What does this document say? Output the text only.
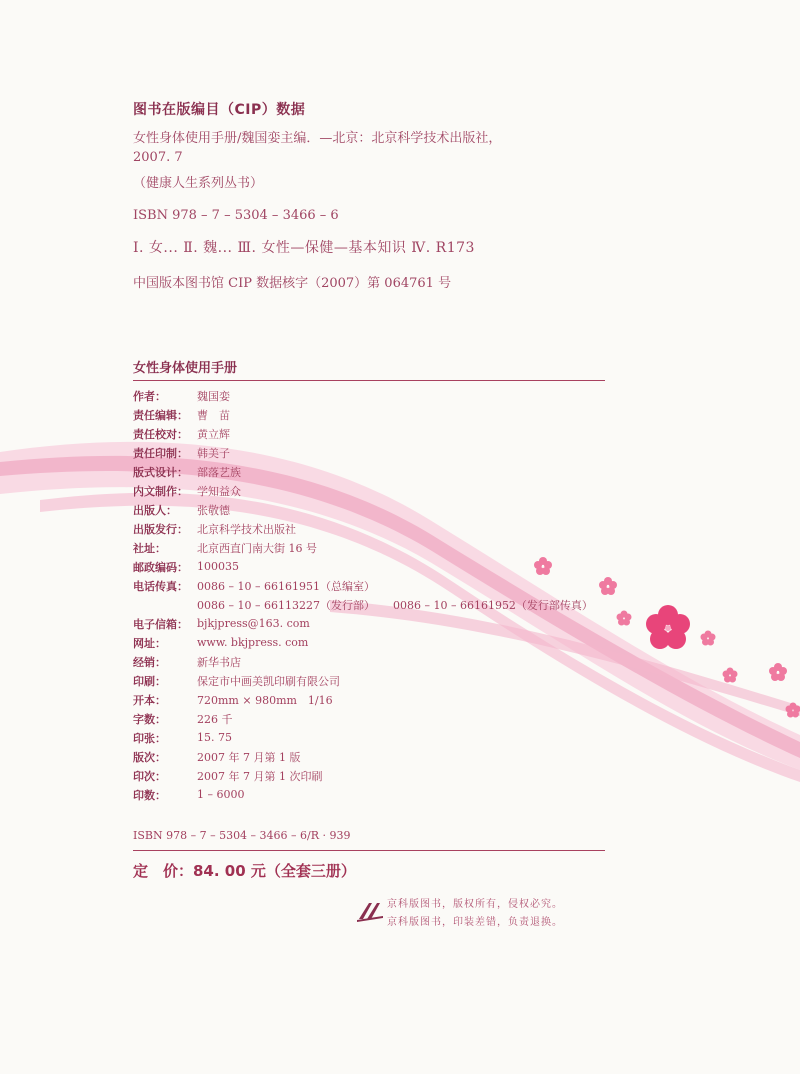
图书在版编目（CIP）数据
女性身体使用手册/魏国娈主编．—北京：北京科学技术出版社，
2007. 7
（健康人生系列丛书）
ISBN 978 – 7 – 5304 – 3466 – 6
Ⅰ. 女... Ⅱ. 魏... Ⅲ. 女性—保健—基本知识 Ⅳ. R173
中国版本图书馆 CIP 数据核字（2007）第 064761 号
女性身体使用手册
作者：	魏国娈
责任编辑： 曹　苗
责任校对： 黄立辉
责任印制： 韩美子
版式设计： 部落艺族
内文制作： 学知益众
出版人：	张敬德
出版发行： 北京科学技术出版社
社址：	北京西直门南大街 16 号
邮政编码： 100035
电话传真： 0086 – 10 – 66161951（总编室）
0086 – 10 – 66113227（发行部） 0086 – 10 – 66161952（发行部传真）
电子信箱： bjkjpress@163. com
网址：	www. bkjpress. com
经销：	新华书店
印刷：	保定市中画美凯印刷有限公司
开本：	720mm × 980mm　1/16
字数：	226 千
印张：	15. 75
版次：	2007 年 7 月第 1 版
印次：	2007 年 7 月第 1 次印刷
印数：	1 – 6000
ISBN 978 – 7 – 5304 – 3466 – 6/R · 939
定　价：84. 00 元（全套三册）
京科版图书，版权所有，侵权必究。
京科版图书，印装差错，负责退换。
